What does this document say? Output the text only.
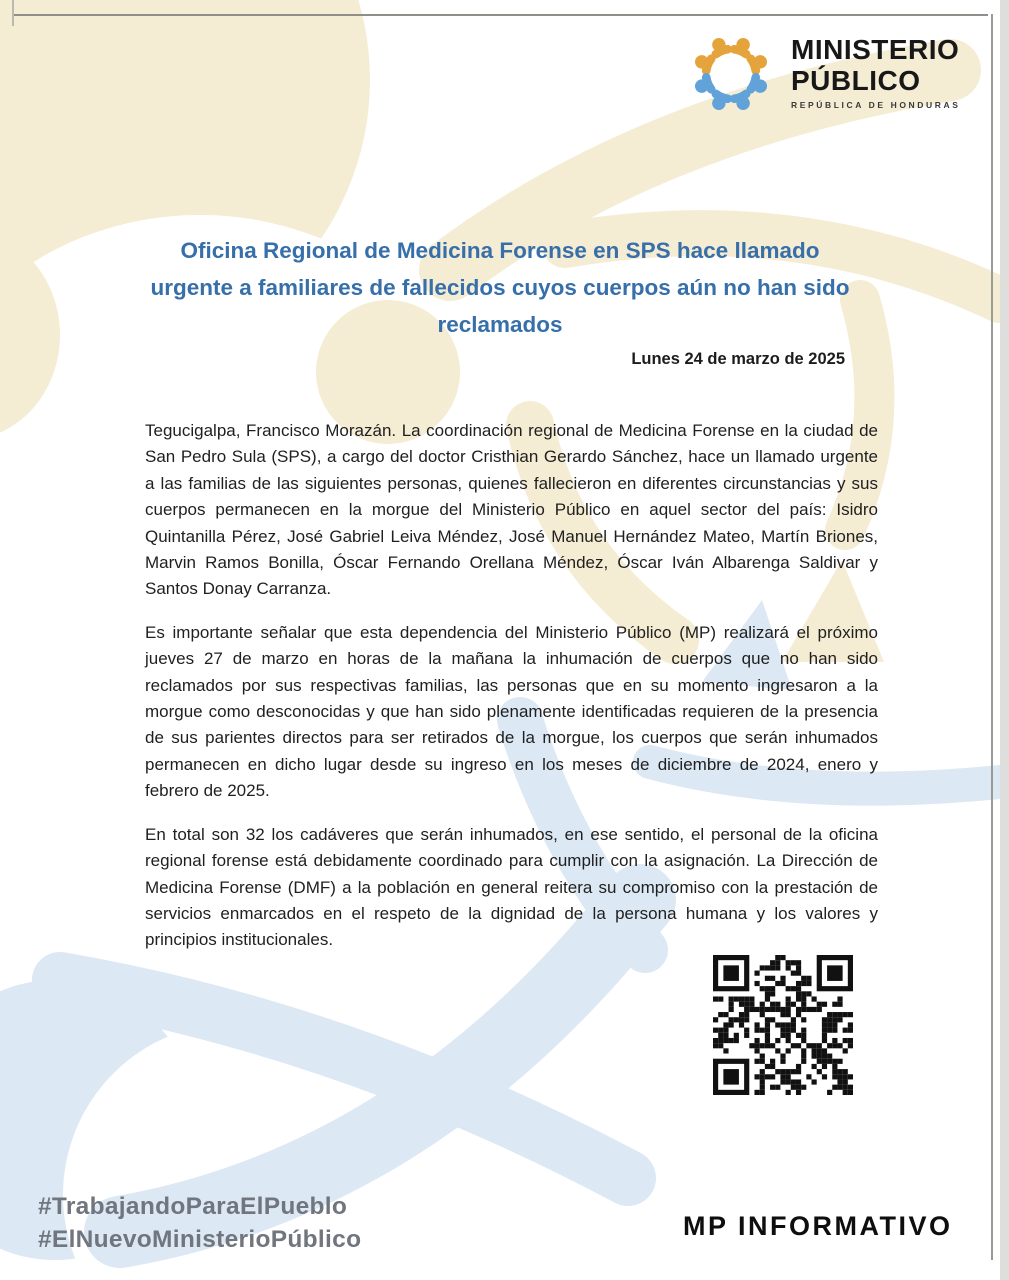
MINISTERIO
PÚBLICO
REPÚBLICA DE HONDURAS
Oficina Regional de Medicina Forense en SPS hace llamado
urgente a familiares de fallecidos cuyos cuerpos aún no han sido
reclamados
Lunes 24 de marzo de 2025

Tegucigalpa, Francisco Morazán. La coordinación regional de Medicina Forense en la ciudad de San Pedro Sula (SPS), a cargo del doctor Cristhian Gerardo Sánchez, hace un llamado urgente a las familias de las siguientes personas, quienes fallecieron en diferentes circunstancias y sus cuerpos permanecen en la morgue del Ministerio Público en aquel sector del país: Isidro Quintanilla Pérez, José Gabriel Leiva Méndez, José Manuel Hernández Mateo, Martín Briones, Marvin Ramos Bonilla, Óscar Fernando Orellana Méndez, Óscar Iván Albarenga Saldivar y Santos Donay Carranza.

Es importante señalar que esta dependencia del Ministerio Público (MP) realizará el próximo jueves 27 de marzo en horas de la mañana la inhumación de cuerpos que no han sido reclamados por sus respectivas familias, las personas que en su momento ingresaron a la morgue como desconocidas y que han sido plenamente identificadas requieren de la presencia de sus parientes directos para ser retirados de la morgue, los cuerpos que serán inhumados permanecen en dicho lugar desde su ingreso en los meses de diciembre de 2024, enero y febrero de 2025.

En total son 32 los cadáveres que serán inhumados, en ese sentido, el personal de la oficina regional forense está debidamente coordinado para cumplir con la asignación. La Dirección de Medicina Forense (DMF) a la población en general reitera su compromiso con la prestación de servicios enmarcados en el respeto de la dignidad de la persona humana y los valores y principios institucionales.

#TrabajandoParaElPueblo
#ElNuevoMinisterioPúblico	MP INFORMATIVO
